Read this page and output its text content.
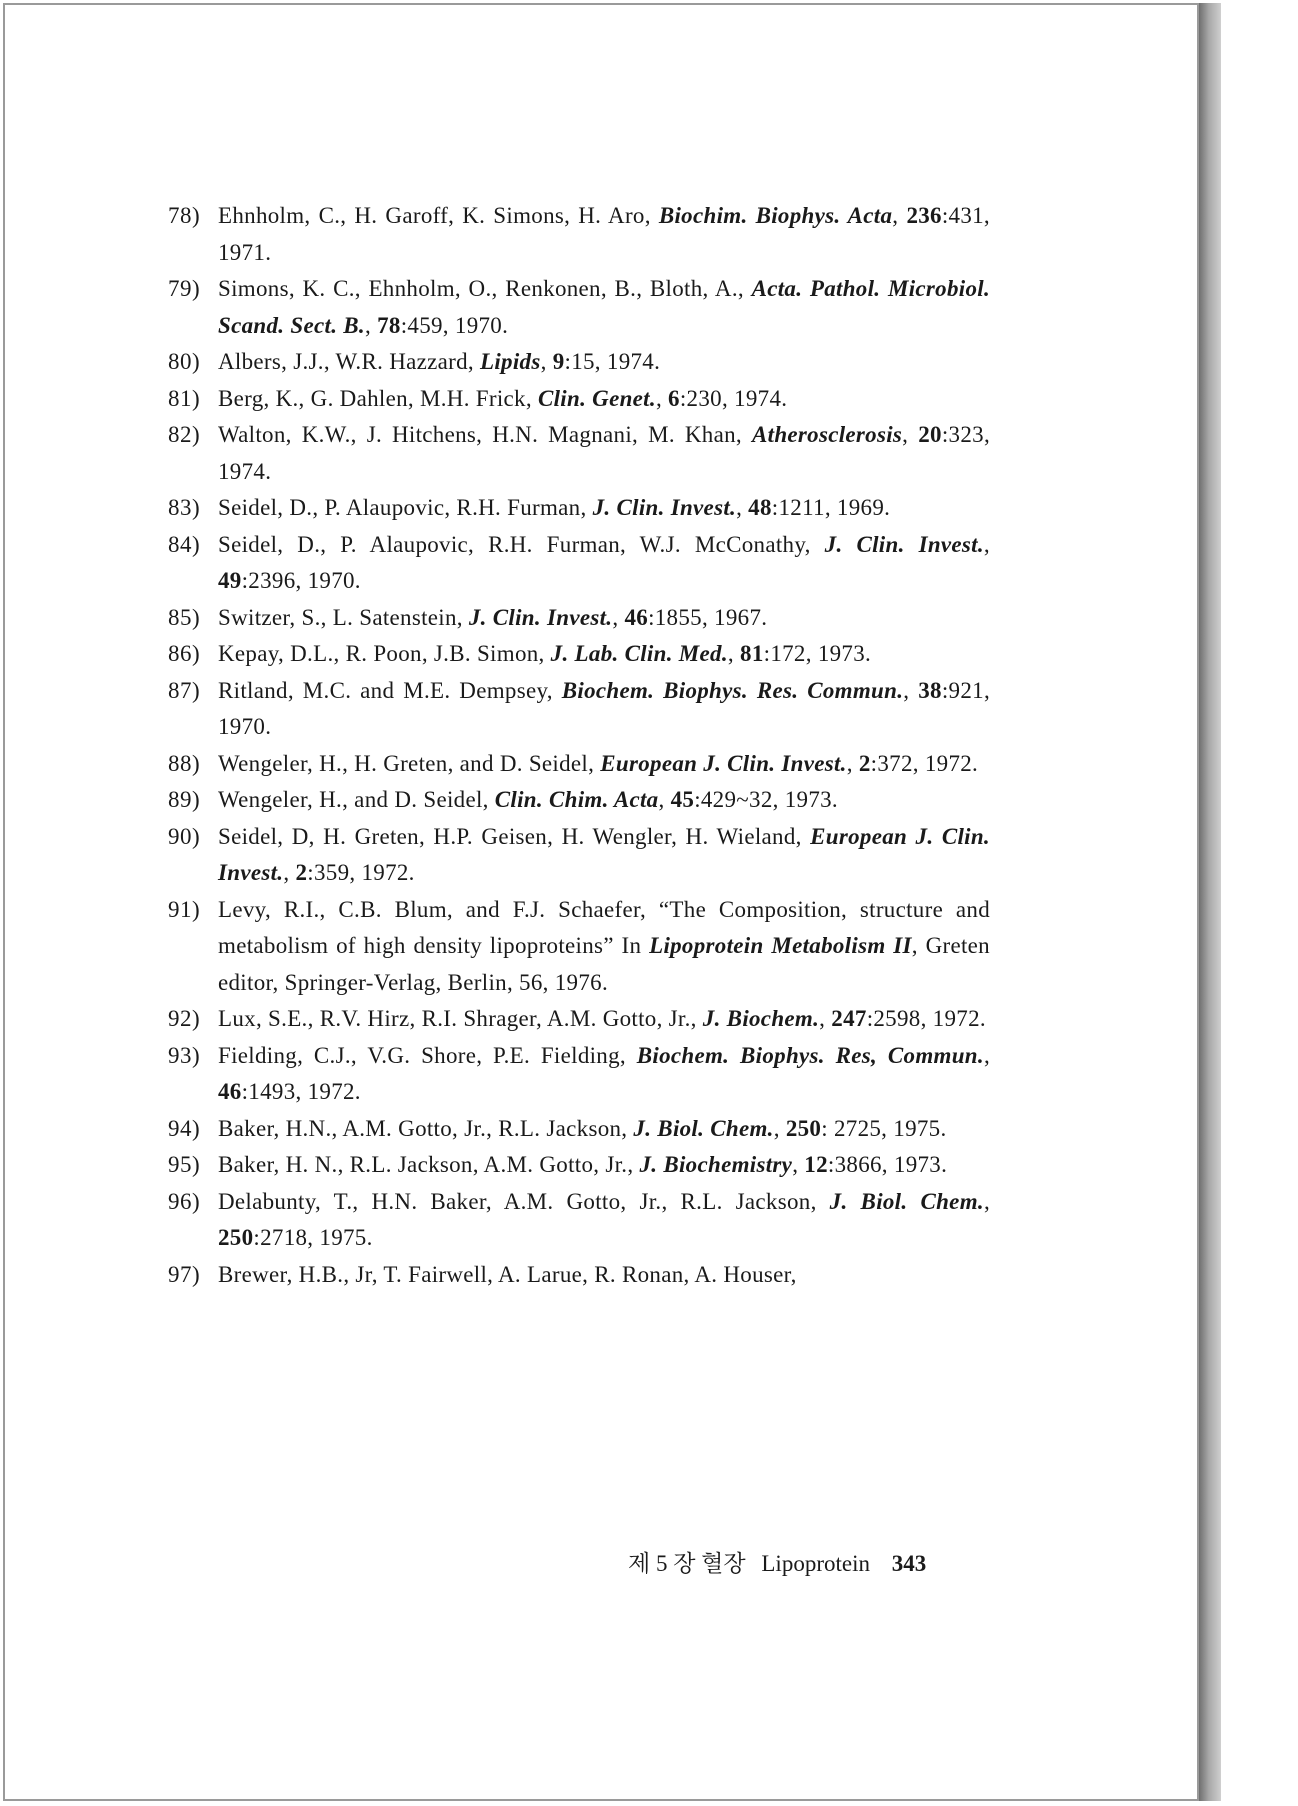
78) Ehnholm, C., H. Garoff, K. Simons, H. Aro, Biochim. Biophys. Acta, 236:431, 1971.
79) Simons, K. C., Ehnholm, O., Renkonen, B., Bloth, A., Acta. Pathol. Microbiol. Scand. Sect. B., 78:459, 1970.
80) Albers, J.J., W.R. Hazzard, Lipids, 9:15, 1974.
81) Berg, K., G. Dahlen, M.H. Frick, Clin. Genet., 6:230, 1974.
82) Walton, K.W., J. Hitchens, H.N. Magnani, M. Khan, Atherosclerosis, 20:323, 1974.
83) Seidel, D., P. Alaupovic, R.H. Furman, J. Clin. Invest., 48:1211, 1969.
84) Seidel, D., P. Alaupovic, R.H. Furman, W.J. McConathy, J. Clin. Invest., 49:2396, 1970.
85) Switzer, S., L. Satenstein, J. Clin. Invest., 46:1855, 1967.
86) Kepay, D.L., R. Poon, J.B. Simon, J. Lab. Clin. Med., 81:172, 1973.
87) Ritland, M.C. and M.E. Dempsey, Biochem. Biophys. Res. Commun., 38:921, 1970.
88) Wengeler, H., H. Greten, and D. Seidel, European J. Clin. Invest., 2:372, 1972.
89) Wengeler, H., and D. Seidel, Clin. Chim. Acta, 45:429~32, 1973.
90) Seidel, D, H. Greten, H.P. Geisen, H. Wengler, H. Wieland, European J. Clin. Invest., 2:359, 1972.
91) Levy, R.I., C.B. Blum, and F.J. Schaefer, “The Composition, structure and metabolism of high density lipoproteins” In Lipoprotein Metabolism II, Greten editor, Springer-Verlag, Berlin, 56, 1976.
92) Lux, S.E., R.V. Hirz, R.I. Shrager, A.M. Gotto, Jr., J. Biochem., 247:2598, 1972.
93) Fielding, C.J., V.G. Shore, P.E. Fielding, Biochem. Biophys. Res, Commun., 46:1493, 1972.
94) Baker, H.N., A.M. Gotto, Jr., R.L. Jackson, J. Biol. Chem., 250: 2725, 1975.
95) Baker, H. N., R.L. Jackson, A.M. Gotto, Jr., J. Biochemistry, 12:3866, 1973.
96) Delabunty, T., H.N. Baker, A.M. Gotto, Jr., R.L. Jackson, J. Biol. Chem., 250:2718, 1975.
97) Brewer, H.B., Jr, T. Fairwell, A. Larue, R. Ronan, A. Houser,
제 5 장 혈장 Lipoprotein 343
